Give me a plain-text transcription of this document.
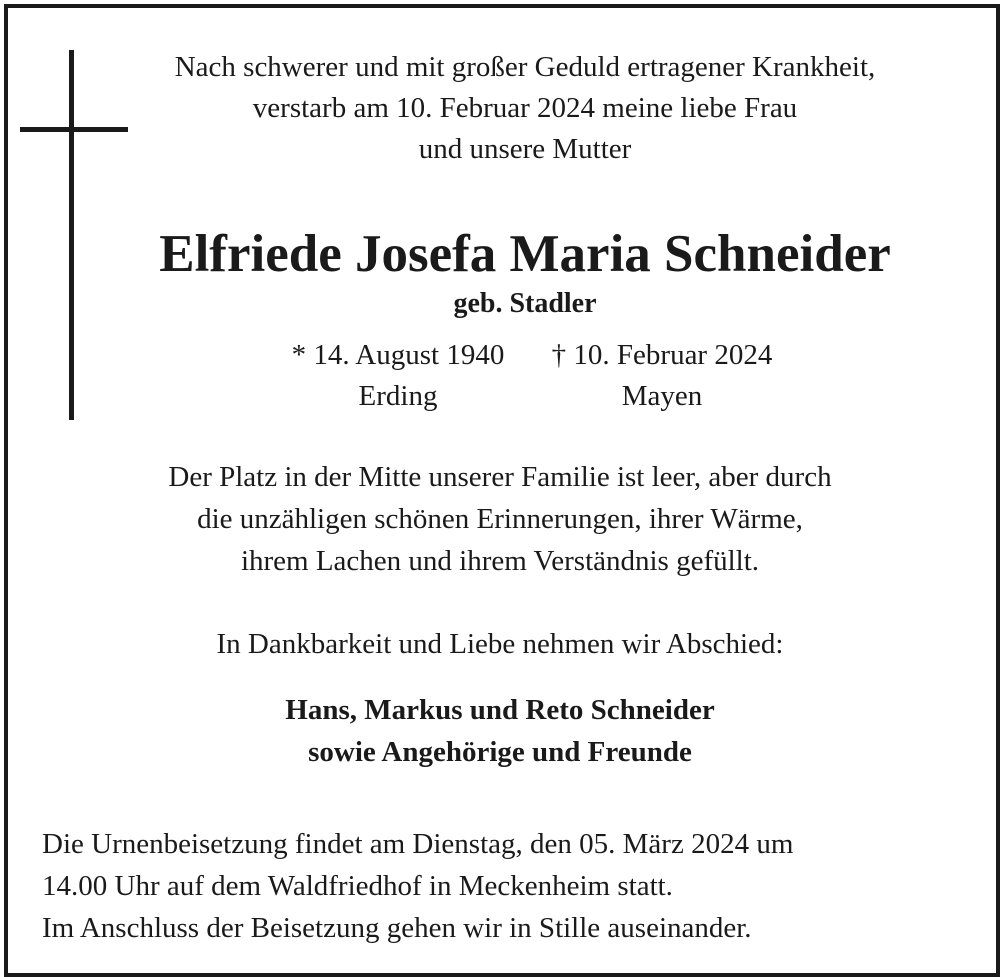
Nach schwerer und mit großer Geduld ertragener Krankheit,
verstarb am 10. Februar 2024 meine liebe Frau
und unsere Mutter
Elfriede Josefa Maria Schneider
geb. Stadler
* 14. August 1940
Erding
† 10. Februar 2024
Mayen
Der Platz in der Mitte unserer Familie ist leer, aber durch
die unzähligen schönen Erinnerungen, ihrer Wärme,
ihrem Lachen und ihrem Verständnis gefüllt.
In Dankbarkeit und Liebe nehmen wir Abschied:
Hans, Markus und Reto Schneider
sowie Angehörige und Freunde
Die Urnenbeisetzung findet am Dienstag, den 05. März 2024 um
14.00 Uhr auf dem Waldfriedhof in Meckenheim statt.
Im Anschluss der Beisetzung gehen wir in Stille auseinander.
